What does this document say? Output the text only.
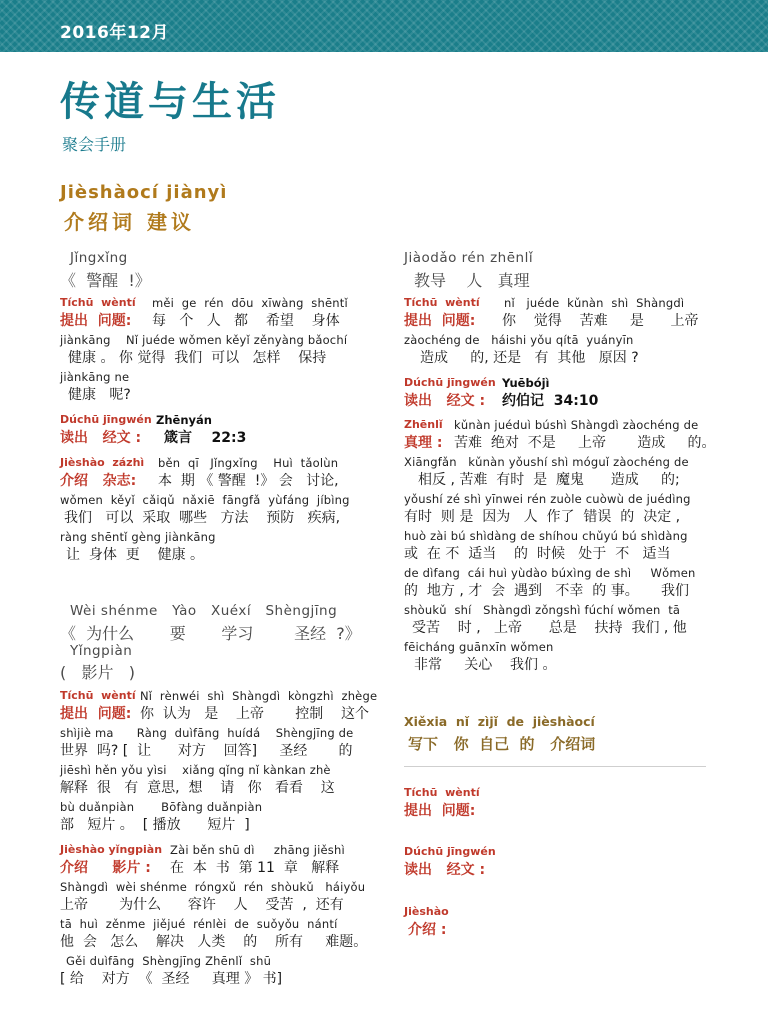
2016年12月
传道与生活
聚会手册
Jièshàocí jiànyì
介绍词 建议
Jǐngxǐng
《  警醒  !》
Tíchū  wèntí
提出  问题:
měi  ge  rén  dōu  xīwàng  shēntǐ
每   个   人   都    希望    身体
jiànkāng    Nǐ juéde wǒmen kěyǐ zěnyàng bǎochí
健康 。 你 觉得  我们  可以   怎样    保持
jiànkāng ne
健康   呢?
Dúchū jīngwén
读出   经文 :
Zhēnyán
箴言    22:3
Jièshào  zázhì
介绍   杂志:
běn  qī   Jǐngxǐng    Huì  tǎolùn
本  期 《 警醒  !》 会   讨论,
wǒmen  kěyǐ  cǎiqǔ  nǎxiē  fāngfǎ  yùfáng  jíbìng
我们   可以  采取  哪些   方法    预防   疾病,
ràng shēntǐ gèng jiànkāng
让  身体  更    健康 。
Wèi shénme   Yào   Xuéxí   Shèngjīng
《  为什么       要       学习        圣经  ?》
Yǐngpiàn
(   影片   )
Tíchū  wèntí
提出  问题:
Nǐ  rènwéi  shì  Shàngdì  kòngzhì  zhège
你  认为   是    上帝       控制    这个
shìjiè ma      Ràng  duìfāng  huídá    Shèngjīng de
世界  吗? [  让      对方    回答]     圣经       的
jiēshì hěn yǒu yìsi    xiǎng qǐng nǐ kànkan zhè
解释  很   有  意思,  想    请   你   看看    这
bù duǎnpiàn       Bōfàng duǎnpiàn
部   短片 。  [ 播放      短片  ]
Jièshào yǐngpiàn
介绍     影片 :
Zài běn shū dì     zhāng jiěshì
在  本  书  第 11  章   解释
Shàngdì  wèi shénme  róngxǔ  rén  shòukǔ   háiyǒu
上帝       为什么      容许    人    受苦  ,  还有
tā  huì  zěnme  jiějué  rénlèi  de  suǒyǒu  nántí
他  会   怎么    解决   人类    的    所有     难题。
Gěi duìfāng  Shèngjīng Zhēnlǐ  shū
[ 给    对方  《  圣经     真理 》 书]
Jiàodǎo rén zhēnlǐ
教导    人   真理
Tíchū  wèntí
提出  问题:
nǐ   juéde  kǔnàn  shì  Shàngdì
你    觉得    苦难     是      上帝
zàochéng de   háishi yǒu qítā  yuányīn
造成     的, 还是   有  其他   原因 ?
Dúchū jīngwén
读出   经文 :
Yuēbójì
约伯记  34:10
Zhēnlǐ
真理 :
kǔnàn juéduì búshì Shàngdì zàochéng de
苦难  绝对  不是     上帝       造成     的。
Xiāngfǎn   kǔnàn yǒushí shì móguǐ zàochéng de
相反 , 苦难  有时  是  魔鬼      造成     的;
yǒushí zé shì yīnwei rén zuòle cuòwù de juédìng
有时  则 是  因为   人  作了  错误  的  决定 ,
huò zài bú shìdàng de shíhou chǔyú bú shìdàng
或  在 不  适当    的  时候   处于  不   适当
de dìfang  cái huì yùdào búxìng de shì     Wǒmen
的  地方 , 才  会  遇到   不幸  的 事。     我们
shòukǔ  shí   Shàngdì zǒngshì fúchí wǒmen  tā
受苦    时 ,   上帝      总是    扶持  我们 , 他
fēicháng guānxīn wǒmen
非常     关心    我们 。
Xiěxia  nǐ  zìjǐ  de  jièshàocí
写下   你  自己  的   介绍词
Tíchū  wèntí
提出  问题:
Dúchū jīngwén
读出   经文 :
Jièshào
介绍 :
